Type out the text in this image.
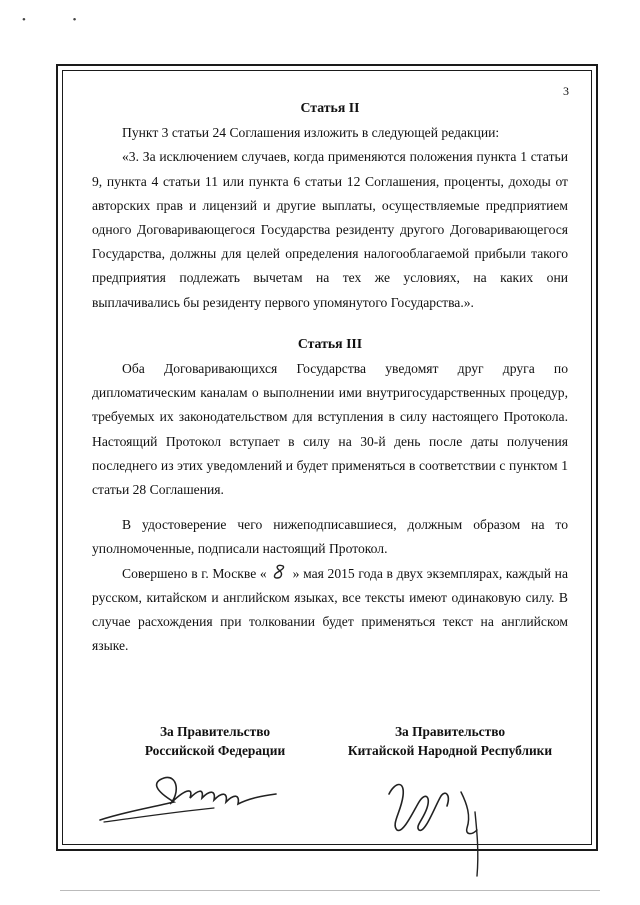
• •
3
Статья II

Пункт 3 статьи 24 Соглашения изложить в следующей редакции:

«3. За исключением случаев, когда применяются положения пункта 1 статьи 9, пункта 4 статьи 11 или пункта 6 статьи 12 Соглашения, проценты, доходы от авторских прав и лицензий и другие выплаты, осуществляемые предприятием одного Договаривающегося Государства резиденту другого Договаривающегося Государства, должны для целей определения налогооблагаемой прибыли такого предприятия подлежать вычетам на тех же условиях, на каких они выплачивались бы резиденту первого упомянутого Государства.».

Статья III

Оба Договаривающихся Государства уведомят друг друга по дипломатическим каналам о выполнении ими внутригосударственных процедур, требуемых их законодательством для вступления в силу настоящего Протокола. Настоящий Протокол вступает в силу на 30-й день после даты получения последнего из этих уведомлений и будет применяться в соответствии с пунктом 1 статьи 28 Соглашения.

В удостоверение чего нижеподписавшиеся, должным образом на то уполномоченные, подписали настоящий Протокол.

Совершено в г. Москве « » мая 2015 года в двух экземплярах, каждый на русском, китайском и английском языках, все тексты имеют одинаковую силу. В случае расхождения при толковании будет применяться текст на английском языке.

За Правительство
Российской Федерации
За Правительство
Китайской Народной Республики
